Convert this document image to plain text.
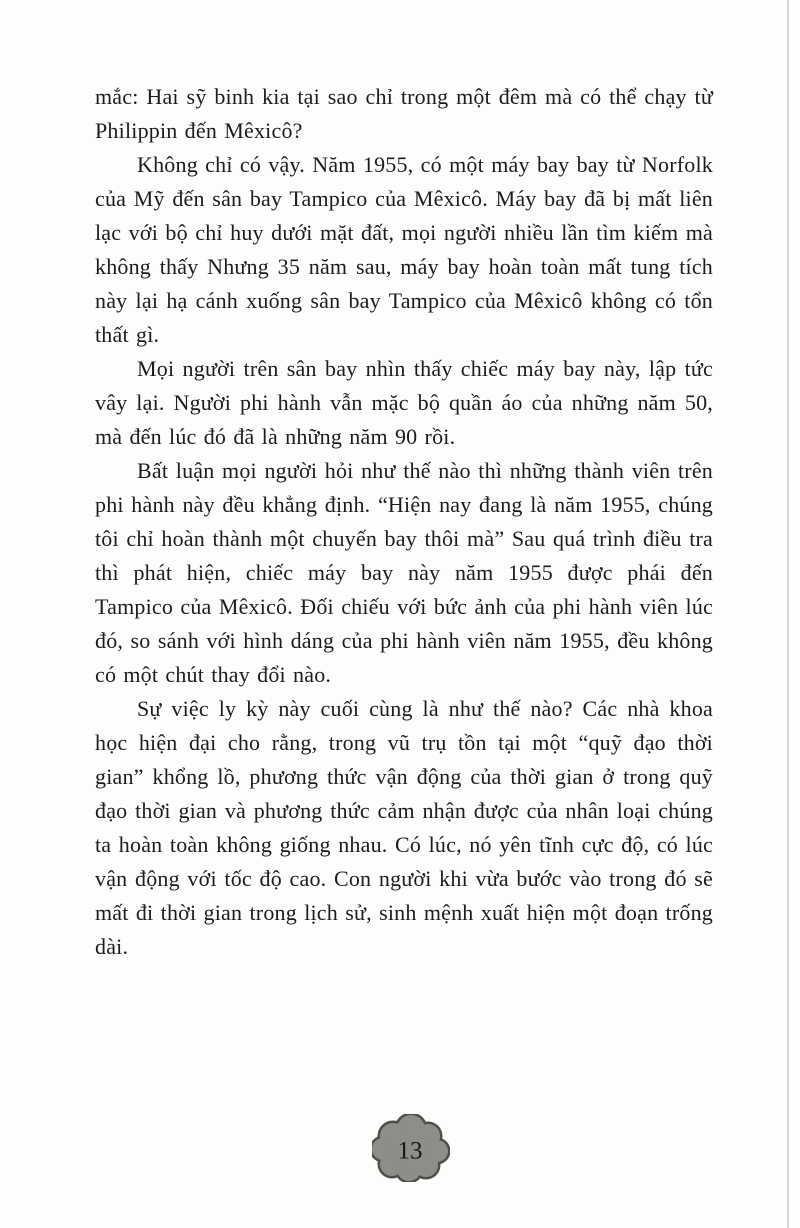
mắc: Hai sỹ binh kia tại sao chỉ trong một đêm mà có thể chạy từ Philippin đến Mêxicô?

Không chỉ có vậy. Năm 1955, có một máy bay bay từ Norfolk của Mỹ đến sân bay Tampico của Mêxicô. Máy bay đã bị mất liên lạc với bộ chỉ huy dưới mặt đất, mọi người nhiều lần tìm kiếm mà không thấy Nhưng 35 năm sau, máy bay hoàn toàn mất tung tích này lại hạ cánh xuống sân bay Tampico của Mêxicô không có tổn thất gì.

Mọi người trên sân bay nhìn thấy chiếc máy bay này, lập tức vây lại. Người phi hành vẫn mặc bộ quần áo của những năm 50, mà đến lúc đó đã là những năm 90 rồi.

Bất luận mọi người hỏi như thế nào thì những thành viên trên phi hành này đều khẳng định. “Hiện nay đang là năm 1955, chúng tôi chỉ hoàn thành một chuyến bay thôi mà” Sau quá trình điều tra thì phát hiện, chiếc máy bay này năm 1955 được phái đến Tampico của Mêxicô. Đối chiếu với bức ảnh của phi hành viên lúc đó, so sánh với hình dáng của phi hành viên năm 1955, đều không có một chút thay đổi nào.

Sự việc ly kỳ này cuối cùng là như thế nào? Các nhà khoa học hiện đại cho rằng, trong vũ trụ tồn tại một “quỹ đạo thời gian” khổng lồ, phương thức vận động của thời gian ở trong quỹ đạo thời gian và phương thức cảm nhận được của nhân loại chúng ta hoàn toàn không giống nhau. Có lúc, nó yên tĩnh cực độ, có lúc vận động với tốc độ cao. Con người khi vừa bước vào trong đó sẽ mất đi thời gian trong lịch sử, sinh mệnh xuất hiện một đoạn trống dài.

13
